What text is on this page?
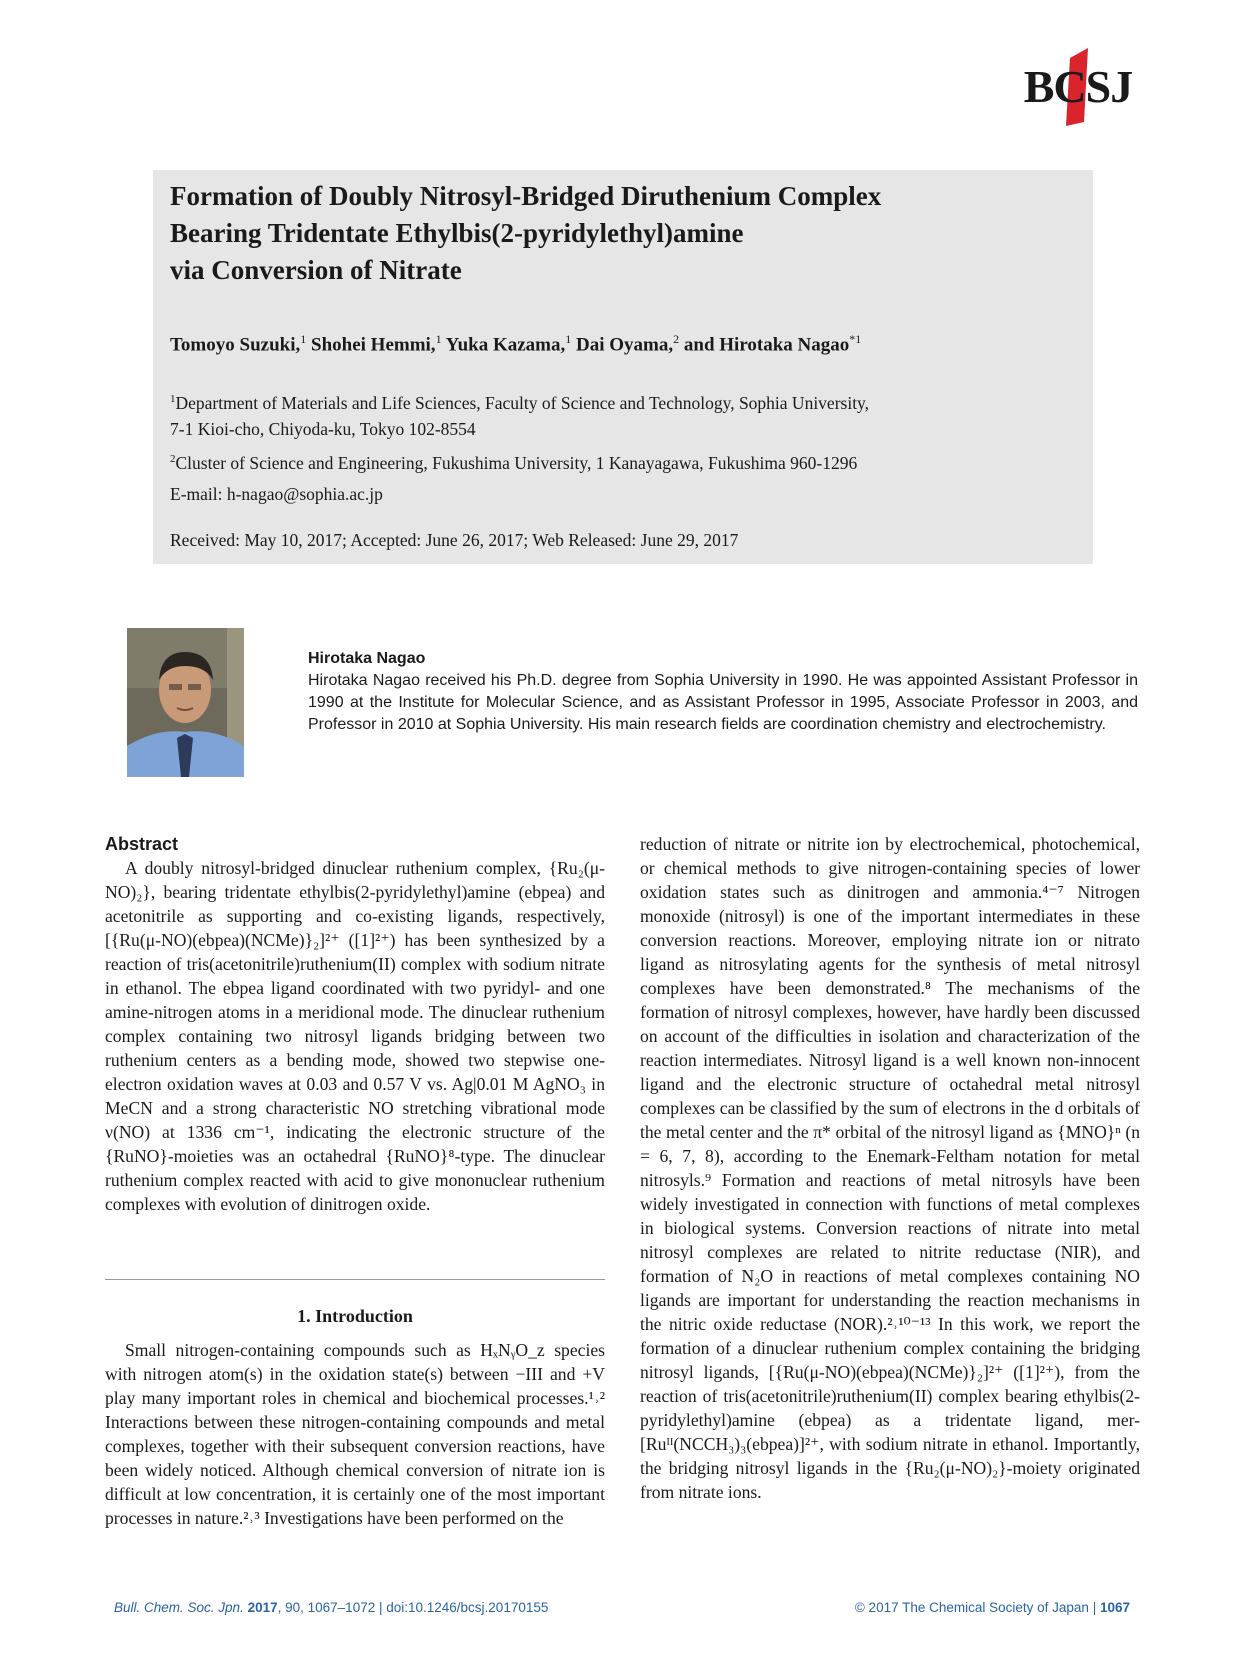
BCSJ
Formation of Doubly Nitrosyl-Bridged Diruthenium Complex
Bearing Tridentate Ethylbis(2-pyridylethyl)amine
via Conversion of Nitrate
Tomoyo Suzuki,$^1$ Shohei Hemmi,$^1$ Yuka Kazama,$^1$ Dai Oyama,$^2$ and Hirotaka Nagao$^{*1}$
$^1$Department of Materials and Life Sciences, Faculty of Science and Technology, Sophia University,
7-1 Kioi-cho, Chiyoda-ku, Tokyo 102-8554
$^2$Cluster of Science and Engineering, Fukushima University, 1 Kanayagawa, Fukushima 960-1296
E-mail: h-nagao@sophia.ac.jp
Received: May 10, 2017; Accepted: June 26, 2017; Web Released: June 29, 2017
Hirotaka Nagao
Hirotaka Nagao received his Ph.D. degree from Sophia University in 1990. He was appointed Assistant Professor in 1990 at the Institute for Molecular Science, and as Assistant Professor in 1995, Associate Professor in 2003, and Professor in 2010 at Sophia University. His main research fields are coordination chemistry and electrochemistry.
Abstract

A doubly nitrosyl-bridged dinuclear ruthenium complex, {Ru₂(μ-NO)₂}, bearing tridentate ethylbis(2-pyridylethyl)amine (ebpea) and acetonitrile as supporting and co-existing ligands, respectively, [{Ru(μ-NO)(ebpea)(NCMe)}₂]²⁺ ([1]²⁺) has been synthesized by a reaction of tris(acetonitrile)ruthenium(II) complex with sodium nitrate in ethanol. The ebpea ligand coordinated with two pyridyl- and one amine-nitrogen atoms in a meridional mode. The dinuclear ruthenium complex containing two nitrosyl ligands bridging between two ruthenium centers as a bending mode, showed two stepwise one-electron oxidation waves at 0.03 and 0.57 V vs. Ag|0.01 M AgNO₃ in MeCN and a strong characteristic NO stretching vibrational mode ν(NO) at 1336 cm⁻¹, indicating the electronic structure of the {RuNO}-moieties was an octahedral {RuNO}⁸-type. The dinuclear ruthenium complex reacted with acid to give mononuclear ruthenium complexes with evolution of dinitrogen oxide.

1. Introduction

Small nitrogen-containing compounds such as HₓNᵧO_z species with nitrogen atom(s) in the oxidation state(s) between −III and +V play many important roles in chemical and biochemical processes.¹˒² Interactions between these nitrogen-containing compounds and metal complexes, together with their subsequent conversion reactions, have been widely noticed. Although chemical conversion of nitrate ion is difficult at low concentration, it is certainly one of the most important processes in nature.²˒³ Investigations have been performed on the

reduction of nitrate or nitrite ion by electrochemical, photochemical, or chemical methods to give nitrogen-containing species of lower oxidation states such as dinitrogen and ammonia.⁴⁻⁷ Nitrogen monoxide (nitrosyl) is one of the important intermediates in these conversion reactions. Moreover, employing nitrate ion or nitrato ligand as nitrosylating agents for the synthesis of metal nitrosyl complexes have been demonstrated.⁸ The mechanisms of the formation of nitrosyl complexes, however, have hardly been discussed on account of the difficulties in isolation and characterization of the reaction intermediates. Nitrosyl ligand is a well known non-innocent ligand and the electronic structure of octahedral metal nitrosyl complexes can be classified by the sum of electrons in the d orbitals of the metal center and the π* orbital of the nitrosyl ligand as {MNO}ⁿ (n = 6, 7, 8), according to the Enemark-Feltham notation for metal nitrosyls.⁹ Formation and reactions of metal nitrosyls have been widely investigated in connection with functions of metal complexes in biological systems. Conversion reactions of nitrate into metal nitrosyl complexes are related to nitrite reductase (NIR), and formation of N₂O in reactions of metal complexes containing NO ligands are important for understanding the reaction mechanisms in the nitric oxide reductase (NOR).²˒¹⁰⁻¹³ In this work, we report the formation of a dinuclear ruthenium complex containing the bridging nitrosyl ligands, [{Ru(μ-NO)(ebpea)(NCMe)}₂]²⁺ ([1]²⁺), from the reaction of tris(acetonitrile)ruthenium(II) complex bearing ethylbis(2-pyridylethyl)amine (ebpea) as a tridentate ligand, mer-[Ruᴵᴵ(NCCH₃)₃(ebpea)]²⁺, with sodium nitrate in ethanol. Importantly, the bridging nitrosyl ligands in the {Ru₂(μ-NO)₂}-moiety originated from nitrate ions.

Bull. Chem. Soc. Jpn. 2017, 90, 1067–1072 | doi:10.1246/bcsj.20170155	© 2017 The Chemical Society of Japan | 1067
